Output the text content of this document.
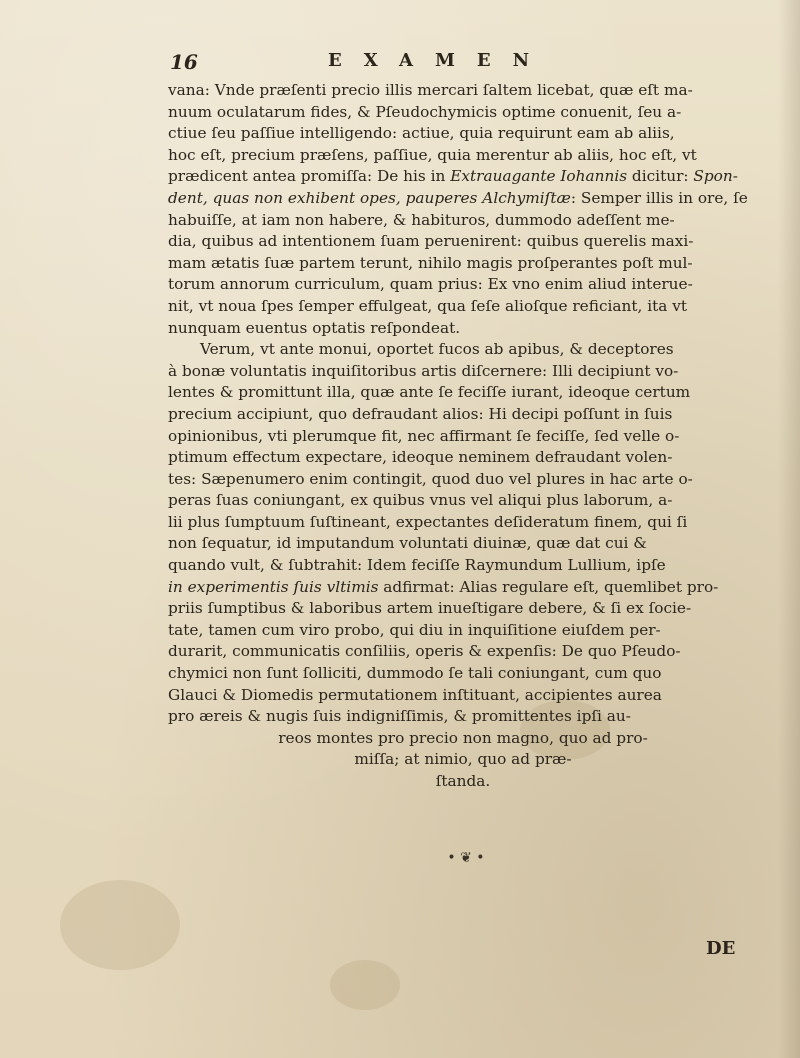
16	EXAMEN
vana: Vnde præſenti precio illis mercari ſaltem licebat, quæ eſt ma-
nuum oculatarum fides, & Pſeudochymicis optime conuenit, ſeu a-
ctiue ſeu paſſiue intelligendo: actiue, quia requirunt eam ab aliis,
hoc eſt, precium præſens, paſſiue, quia merentur ab aliis, hoc eſt, vt
prædicent antea promiſſa: De his in Extrauagante Iohannis dicitur: Spon-
dent, quas non exhibent opes, pauperes Alchymiſtæ: Semper illis in ore, ſe
habuiſſe, at iam non habere, & habituros, dummodo adeſſent me-
dia, quibus ad intentionem ſuam peruenirent: quibus querelis maxi-
mam ætatis ſuæ partem terunt, nihilo magis proſperantes poſt mul-
torum annorum curriculum, quam prius: Ex vno enim aliud interue-
nit, vt noua ſpes ſemper effulgeat, qua ſeſe alioſque reficiant, ita vt
nunquam euentus optatis reſpondeat.
Verum, vt ante monui, oportet fucos ab apibus, & deceptores
à bonæ voluntatis inquiſitoribus artis diſcernere: Illi decipiunt vo-
lentes & promittunt illa, quæ ante ſe feciſſe iurant, ideoque certum
precium accipiunt, quo defraudant alios: Hi decipi poſſunt in ſuis
opinionibus, vti plerumque fit, nec affirmant ſe feciſſe, ſed velle o-
ptimum effectum expectare, ideoque neminem defraudant volen-
tes: Sæpenumero enim contingit, quod duo vel plures in hac arte o-
peras ſuas coniungant, ex quibus vnus vel aliqui plus laborum, a-
lii plus ſumptuum ſuſtineant, expectantes deſideratum finem, qui ſi
non ſequatur, id imputandum voluntati diuinæ, quæ dat cui &
quando vult, & ſubtrahit: Idem feciſſe Raymundum Lullium, ipſe
in experimentis ſuis vltimis adfirmat: Alias regulare eſt, quemlibet pro-
priis ſumptibus & laboribus artem inueſtigare debere, & ſi ex ſocie-
tate, tamen cum viro probo, qui diu in inquiſitione eiuſdem per-
durarit, communicatis conſiliis, operis & expenſis: De quo Pſeudo-
chymici non ſunt ſolliciti, dummodo ſe tali coniungant, cum quo
Glauci & Diomedis permutationem inſtituant, accipientes aurea
pro æreis & nugis ſuis indigniſſimis, & promittentes ipſi au-
reos montes pro precio non magno, quo ad pro-
miſſa; at nimio, quo ad præ-
ſtanda.
• ❦ •
DE
